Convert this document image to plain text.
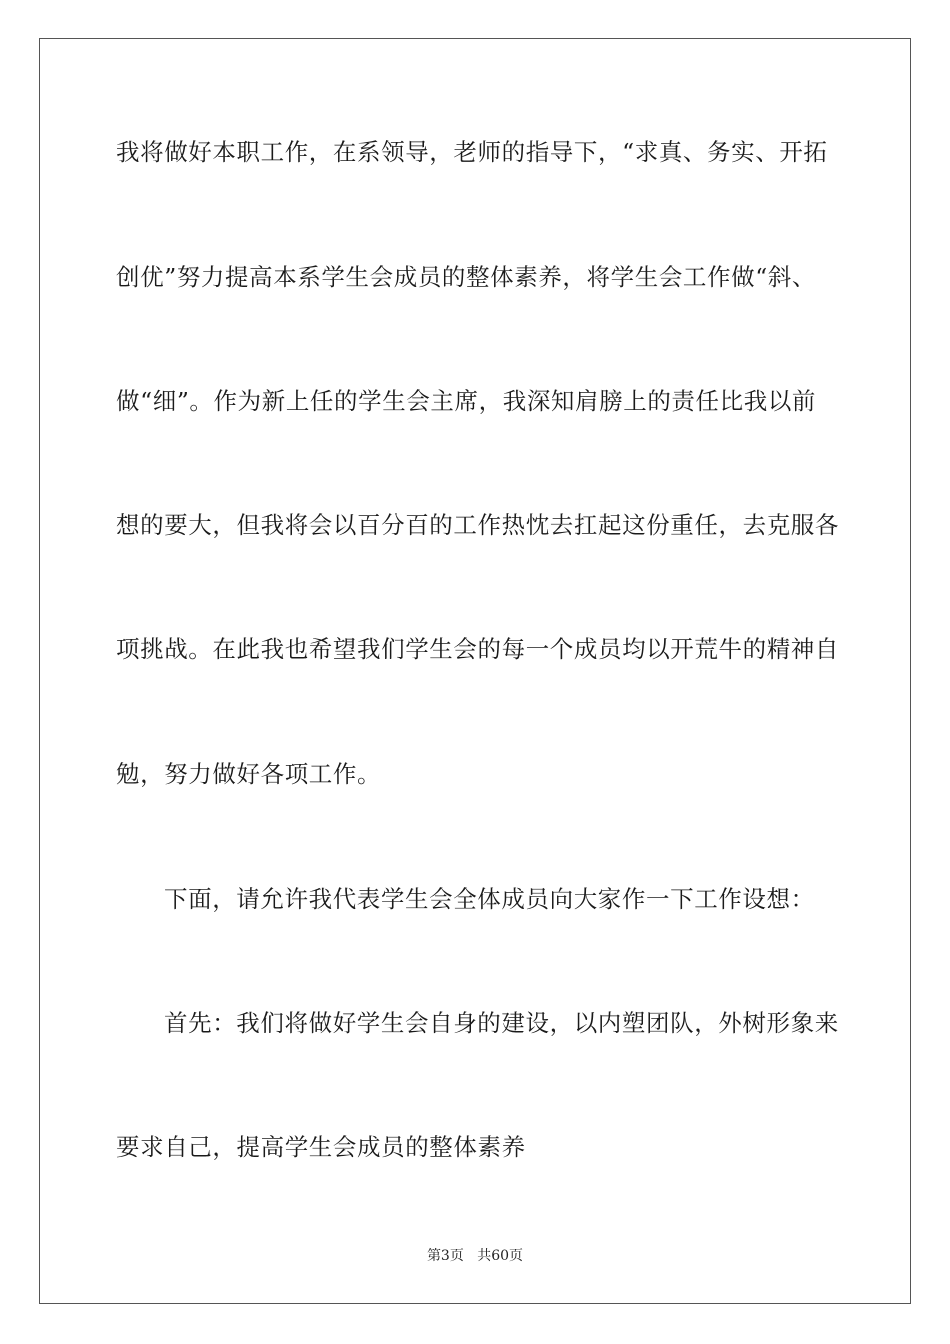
我将做好本职工作，在系领导，老师的指导下，“求真、务实、开拓
创优”努力提高本系学生会成员的整体素养，将学生会工作做“斜、
做“细”。作为新上任的学生会主席，我深知肩膀上的责任比我以前
想的要大，但我将会以百分百的工作热忱去扛起这份重任，去克服各
项挑战。在此我也希望我们学生会的每一个成员均以开荒牛的精神自
勉，努力做好各项工作。
下面，请允许我代表学生会全体成员向大家作一下工作设想：
首先：我们将做好学生会自身的建设，以内塑团队，外树形象来
要求自己，提高学生会成员的整体素养
第3页 共60页
